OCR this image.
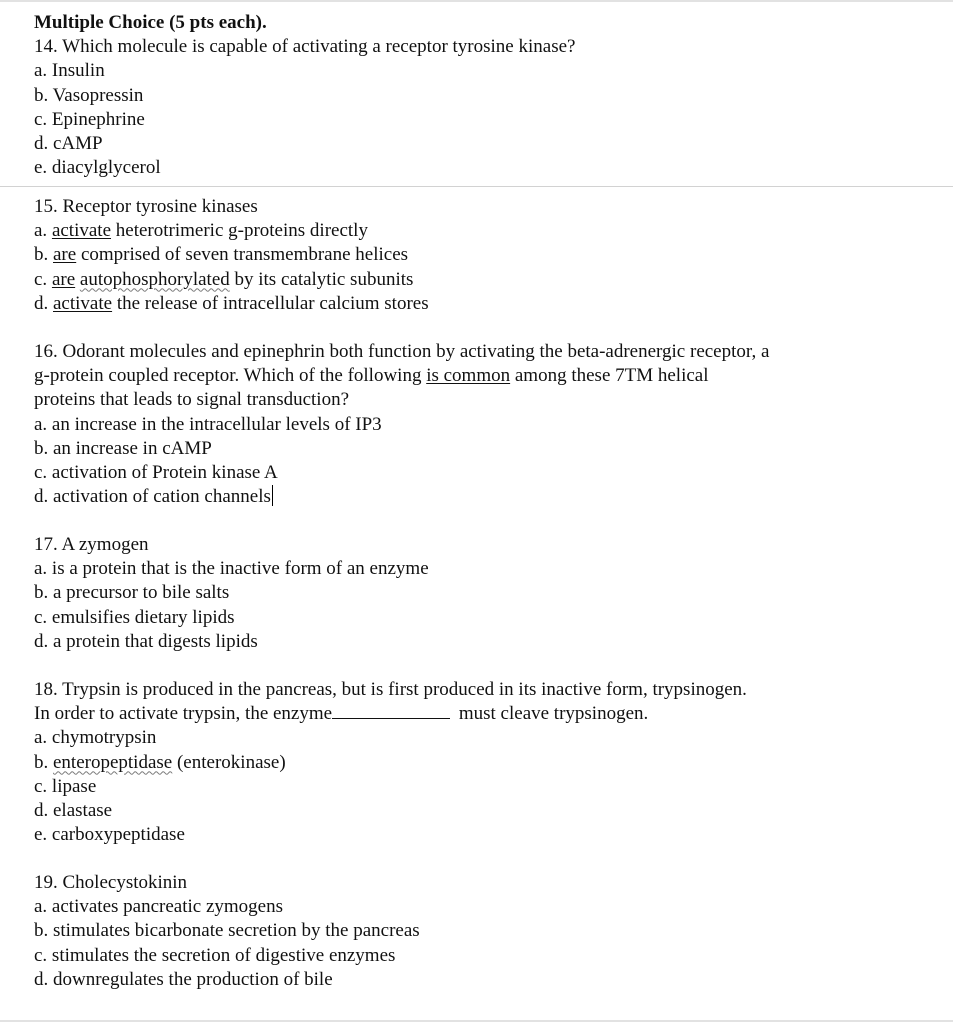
Multiple Choice (5 pts each).
14. Which molecule is capable of activating a receptor tyrosine kinase?
a. Insulin
b. Vasopressin
c. Epinephrine
d. cAMP
e. diacylglycerol
15. Receptor tyrosine kinases
a. activate heterotrimeric g-proteins directly
b. are comprised of seven transmembrane helices
c. are autophosphorylated by its catalytic subunits
d. activate the release of intracellular calcium stores
16. Odorant molecules and epinephrin both function by activating the beta-adrenergic receptor, a
g-protein coupled receptor. Which of the following is common among these 7TM helical
proteins that leads to signal transduction?
a. an increase in the intracellular levels of IP3
b. an increase in cAMP
c. activation of Protein kinase A
d. activation of cation channels
17. A zymogen
a. is a protein that is the inactive form of an enzyme
b. a precursor to bile salts
c. emulsifies dietary lipids
d. a protein that digests lipids
18. Trypsin is produced in the pancreas, but is first produced in its inactive form, trypsinogen.
In order to activate trypsin, the enzyme	must cleave trypsinogen.
a. chymotrypsin
b. enteropeptidase (enterokinase)
c. lipase
d. elastase
e. carboxypeptidase
19. Cholecystokinin
a. activates pancreatic zymogens
b. stimulates bicarbonate secretion by the pancreas
c. stimulates the secretion of digestive enzymes
d. downregulates the production of bile
